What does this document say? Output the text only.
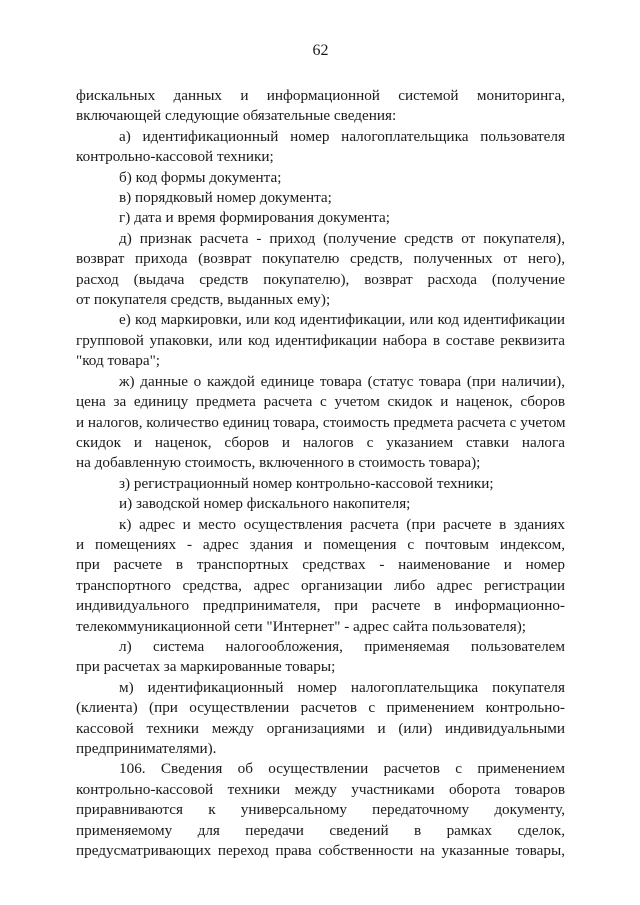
62
фискальных данных и информационной системой мониторинга,
включающей следующие обязательные сведения:
а) идентификационный номер налогоплательщика пользователя
контрольно-кассовой техники;
б) код формы документа;
в) порядковый номер документа;
г) дата и время формирования документа;
д) признак расчета - приход (получение средств от покупателя),
возврат прихода (возврат покупателю средств, полученных от него),
расход (выдача средств покупателю), возврат расхода (получение
от покупателя средств, выданных ему);
е) код маркировки, или код идентификации, или код идентификации
групповой упаковки, или код идентификации набора в составе реквизита
"код товара";
ж) данные о каждой единице товара (статус товара (при наличии),
цена за единицу предмета расчета с учетом скидок и наценок, сборов
и налогов, количество единиц товара, стоимость предмета расчета с учетом
скидок и наценок, сборов и налогов с указанием ставки налога
на добавленную стоимость, включенного в стоимость товара);
з) регистрационный номер контрольно-кассовой техники;
и) заводской номер фискального накопителя;
к) адрес и место осуществления расчета (при расчете в зданиях
и помещениях - адрес здания и помещения с почтовым индексом,
при расчете в транспортных средствах - наименование и номер
транспортного средства, адрес организации либо адрес регистрации
индивидуального предпринимателя, при расчете в информационно-
телекоммуникационной сети "Интернет" - адрес сайта пользователя);
л) система налогообложения, применяемая пользователем
при расчетах за маркированные товары;
м) идентификационный номер налогоплательщика покупателя
(клиента) (при осуществлении расчетов с применением контрольно-
кассовой техники между организациями и (или) индивидуальными
предпринимателями).
106. Сведения об осуществлении расчетов с применением
контрольно-кассовой техники между участниками оборота товаров
приравниваются к универсальному передаточному документу,
применяемому для передачи сведений в рамках сделок,
предусматривающих переход права собственности на указанные товары,
